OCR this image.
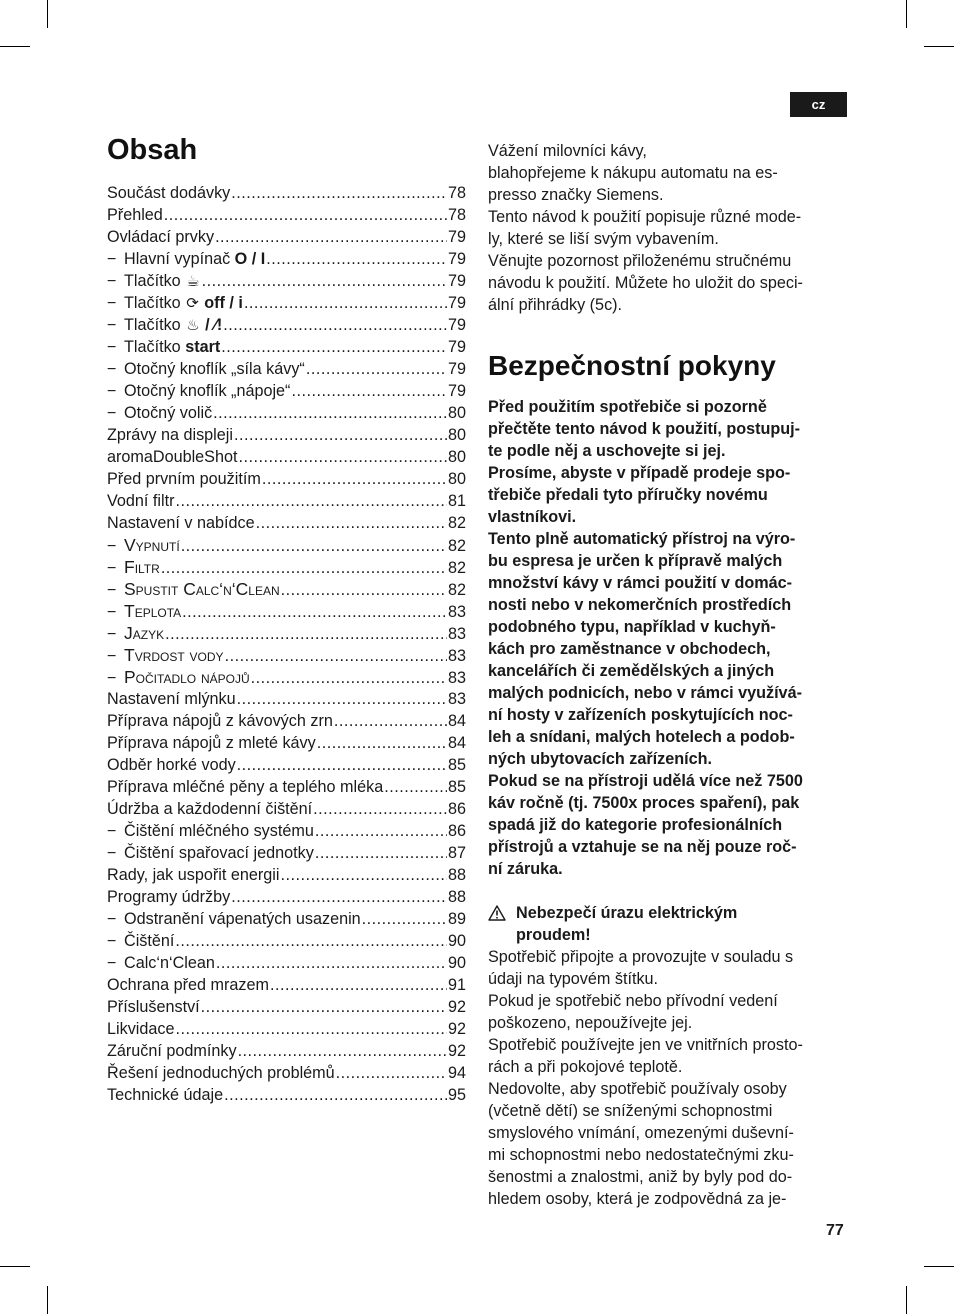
cz
Obsah
Součást dodávky .....	78
Přehled .....	78
Ovládací prvky .....	79
− Hlavní vypínač O / I .....	79
− Tlačítko ☕ .....	79
− Tlačítko ⟳ off / i .....	79
− Tlačítko ♨ / ⁄! .....	79
− Tlačítko start .....	79
− Otočný knoflík „síla kávy“ .....	79
− Otočný knoflík „nápoje“ .....	79
− Otočný volič .....	80
Zprávy na displeji .....	80
aromaDoubleShot .....	80
Před prvním použitím .....	80
Vodní filtr .....	81
Nastavení v nabídce .....	82
− Vypnutí .....	82
− Filtr .....	82
− Spustit Calc‘n‘Clean .....	82
− Teplota .....	83
− Jazyk .....	83
− Tvrdost vody .....	83
− Počitadlo nápojů .....	83
Nastavení mlýnku .....	83
Příprava nápojů z kávových zrn .....	84
Příprava nápojů z mleté kávy .....	84
Odběr horké vody .....	85
Příprava mléčné pěny a teplého mléka .....	85
Údržba a každodenní čištění .....	86
− Čištění mléčného systému .....	86
− Čištění spařovací jednotky .....	87
Rady, jak uspořit energii .....	88
Programy údržby .....	88
− Odstranění vápenatých usazenin .....	89
− Čištění .....	90
− Calc‘n‘Clean .....	90
Ochrana před mrazem .....	91
Příslušenství .....	92
Likvidace .....	92
Záruční podmínky .....	92
Řešení jednoduchých problémů .....	94
Technické údaje .....	95
Vážení milovníci kávy,
blahopřejeme k nákupu automatu na es-
presso značky Siemens.
Tento návod k použití popisuje různé mode-
ly, které se liší svým vybavením.
Věnujte pozornost přiloženému stručnému
návodu k použití. Můžete ho uložit do speci-
ální přihrádky (5c).
Bezpečnostní pokyny
Před použitím spotřebiče si pozorně
přečtěte tento návod k použití, postupuj-
te podle něj a uschovejte si jej.
Prosíme, abyste v případě prodeje spo-
třebiče předali tyto příručky novému
vlastníkovi.
Tento plně automatický přístroj na výro-
bu espresa je určen k přípravě malých
množství kávy v rámci použití v domác-
nosti nebo v nekomerčních prostředích
podobného typu, například v kuchyň-
kách pro zaměstnance v obchodech,
kancelářích či zemědělských a jiných
malých podnicích, nebo v rámci využívá-
ní hosty v zařízeních poskytujících noc-
leh a snídani, malých hotelech a podob-
ných ubytovacích zařízeních.
Pokud se na přístroji udělá více než 7500
káv ročně (tj. 7500x proces spaření), pak
spadá již do kategorie profesionálních
přístrojů a vztahuje se na něj pouze roč-
ní záruka.
Nebezpečí úrazu elektrickým
proudem!
Spotřebič připojte a provozujte v souladu s
údaji na typovém štítku.
Pokud je spotřebič nebo přívodní vedení
poškozeno, nepoužívejte jej.
Spotřebič používejte jen ve vnitřních prosto-
rách a při pokojové teplotě.
Nedovolte, aby spotřebič používaly osoby
(včetně dětí) se sníženými schopnostmi
smyslového vnímání, omezenými duševní-
mi schopnostmi nebo nedostatečnými zku-
šenostmi a znalostmi, aniž by byly pod do-
hledem osoby, která je zodpovědná za je-
77
